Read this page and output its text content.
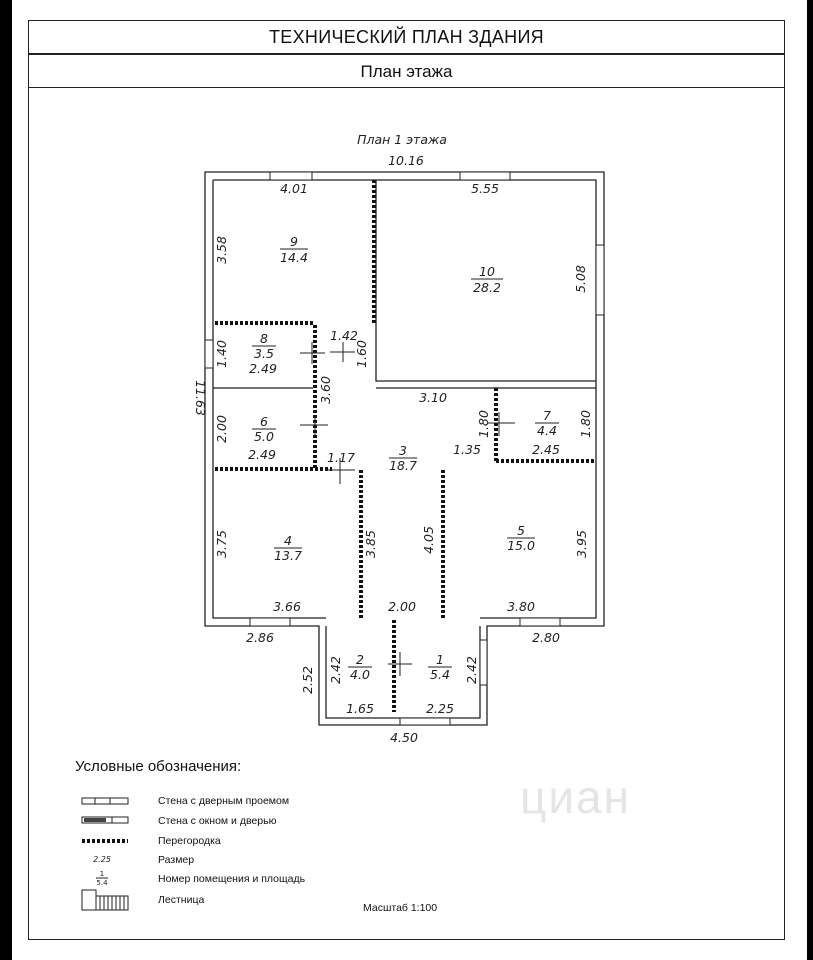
ТЕХНИЧЕСКИЙ ПЛАН ЗДАНИЯ
План этажа
План 1 этажа
10.16
11.63
9
14.4
10
28.2
8
3.5
6
5.0
7
4.4
3
18.7
4
13.7
5
15.0
2
4.0
1
5.4
4.01	5.55
3.58
5.08
1.42
1.60
1.40
2.49
3.60	3.10
2.00	1.80	1.80
2.49	1.17
1.35	2.45
3.75	3.85	4.05	3.95
3.66	2.00	3.80
2.86	2.80
2.52 2.42	2.42
1.65	2.25
4.50
2.25
1
5.4
Условные обозначения:
Стена с дверным проемом
Стена с окном и дверью
Перегородка
Размер
Номер помещения и площадь
Лестница
Масштаб 1:100
циан
